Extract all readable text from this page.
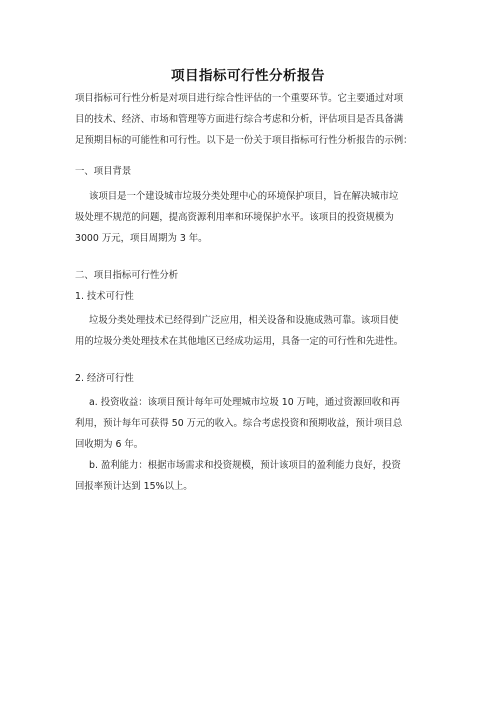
项目指标可行性分析报告
项目指标可行性分析是对项目进行综合性评估的一个重要环节。它主要通过对项
目的技术、经济、市场和管理等方面进行综合考虑和分析，评估项目是否具备满
足预期目标的可能性和可行性。以下是一份关于项目指标可行性分析报告的示例：
一、项目背景
该项目是一个建设城市垃圾分类处理中心的环境保护项目，旨在解决城市垃
圾处理不规范的问题，提高资源利用率和环境保护水平。该项目的投资规模为
3000 万元，项目周期为 3 年。
二、项目指标可行性分析
1. 技术可行性
垃圾分类处理技术已经得到广泛应用，相关设备和设施成熟可靠。该项目使
用的垃圾分类处理技术在其他地区已经成功运用，具备一定的可行性和先进性。
2. 经济可行性
a. 投资收益：该项目预计每年可处理城市垃圾 10 万吨，通过资源回收和再
利用，预计每年可获得 50 万元的收入。综合考虑投资和预期收益，预计项目总
回收期为 6 年。
b. 盈利能力：根据市场需求和投资规模，预计该项目的盈利能力良好，投资
回报率预计达到 15%以上。
